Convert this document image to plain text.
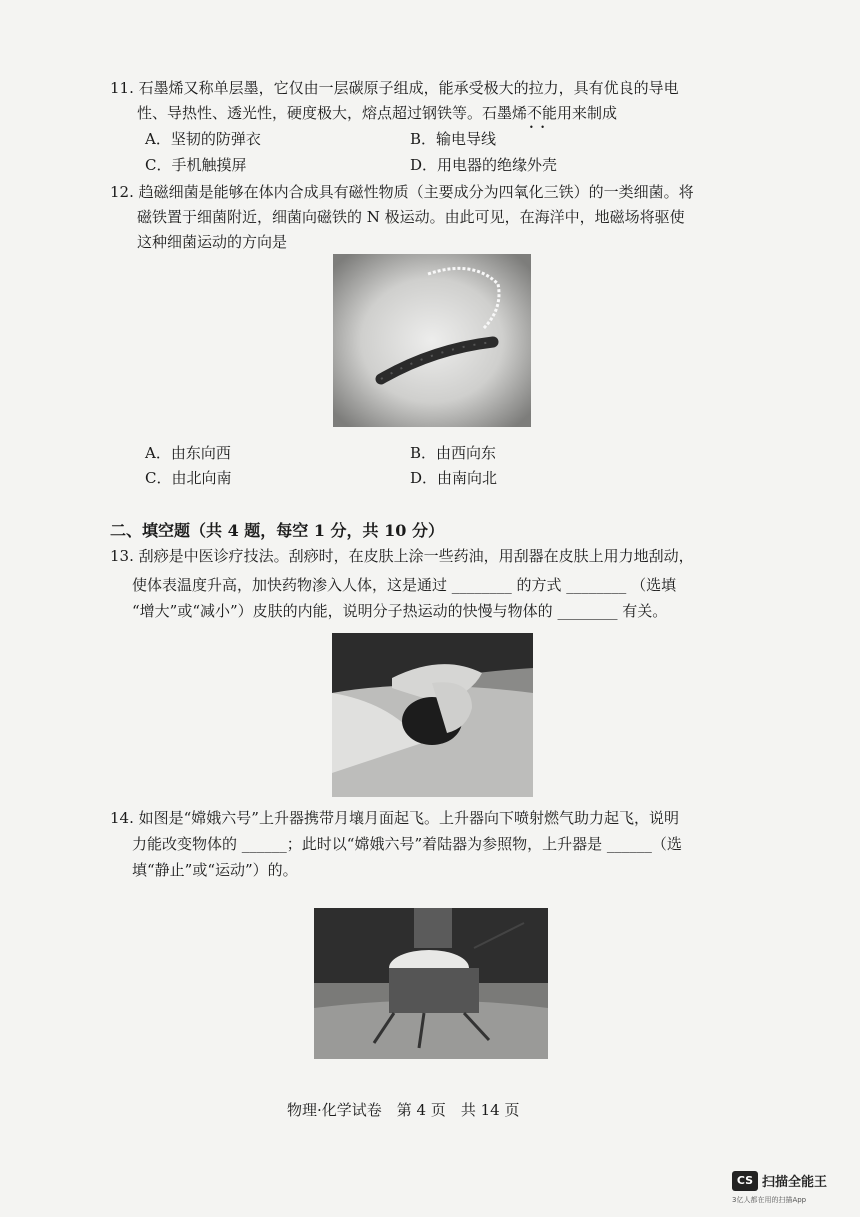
11. 石墨烯又称单层墨，它仅由一层碳原子组成，能承受极大的拉力，具有优良的导电
性、导热性、透光性，硬度极大，熔点超过钢铁等。石墨烯不能 • •用来制成
A．坚韧的防弹衣	B．输电导线
C．手机触摸屏	D．用电器的绝缘外壳
12. 趋磁细菌是能够在体内合成具有磁性物质（主要成分为四氧化三铁）的一类细菌。将
磁铁置于细菌附近，细菌向磁铁的 N 极运动。由此可见，在海洋中，地磁场将驱使
这种细菌运动的方向是
A．由东向西	B．由西向东
C．由北向南	D．由南向北
二、填空题（共 4 题，每空 1 分，共 10 分）
13. 刮痧是中医诊疗技法。刮痧时，在皮肤上涂一些药油，用刮器在皮肤上用力地刮动，
使体表温度升高，加快药物渗入人体，这是通过 ________ 的方式 ________ （选填
“增大”或“减小”）皮肤的内能，说明分子热运动的快慢与物体的 ________ 有关。
14. 如图是“嫦娥六号”上升器携带月壤月面起飞。上升器向下喷射燃气助力起飞，说明
力能改变物体的 ______；此时以“嫦娥六号”着陆器为参照物，上升器是 ______（选
填“静止”或“运动”）的。
物理·化学试卷　第 4 页　共 14 页
CS 扫描全能王
3亿人都在用的扫描App
